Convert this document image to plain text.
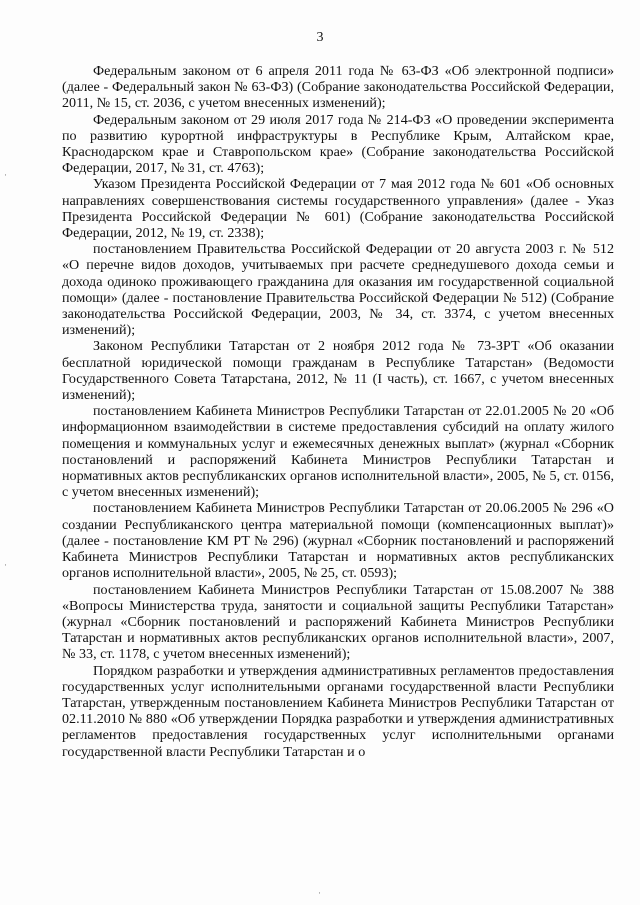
3
·
·
·

Федеральным законом от 6 апреля 2011 года № 63-ФЗ «Об электронной подписи» (далее - Федеральный закон № 63-ФЗ) (Собрание законодательства Российской Федерации, 2011, № 15, ст. 2036, с учетом внесенных изменений);

Федеральным законом от 29 июля 2017 года № 214-ФЗ «О проведении эксперимента по развитию курортной инфраструктуры в Республике Крым, Алтайском крае, Краснодарском крае и Ставропольском крае» (Собрание законодательства Российской Федерации, 2017, № 31, ст. 4763);

Указом Президента Российской Федерации от 7 мая 2012 года № 601 «Об основных направлениях совершенствования системы государственного управления» (далее - Указ Президента Российской Федерации № 601) (Собрание законодательства Российской Федерации, 2012, № 19, ст. 2338);

постановлением Правительства Российской Федерации от 20 августа 2003 г. № 512 «О перечне видов доходов, учитываемых при расчете среднедушевого дохода семьи и дохода одиноко проживающего гражданина для оказания им государственной социальной помощи» (далее - постановление Правительства Российской Федерации № 512) (Собрание законодательства Российской Федерации, 2003, № 34, ст. 3374, с учетом внесенных изменений);

Законом Республики Татарстан от 2 ноября 2012 года № 73-ЗРТ «Об оказании бесплатной юридической помощи гражданам в Республике Татарстан» (Ведомости Государственного Совета Татарстана, 2012, № 11 (I часть), ст. 1667, с учетом внесенных изменений);

постановлением Кабинета Министров Республики Татарстан от 22.01.2005 № 20 «Об информационном взаимодействии в системе предоставления субсидий на оплату жилого помещения и коммунальных услуг и ежемесячных денежных выплат» (журнал «Сборник постановлений и распоряжений Кабинета Министров Республики Татарстан и нормативных актов республиканских органов исполнительной власти», 2005, № 5, ст. 0156, с учетом внесенных изменений);

постановлением Кабинета Министров Республики Татарстан от 20.06.2005 № 296 «О создании Республиканского центра материальной помощи (компенсационных выплат)» (далее - постановление КМ РТ № 296) (журнал «Сборник постановлений и распоряжений Кабинета Министров Республики Татарстан и нормативных актов республиканских органов исполнительной власти», 2005, № 25, ст. 0593);

постановлением Кабинета Министров Республики Татарстан от 15.08.2007 № 388 «Вопросы Министерства труда, занятости и социальной защиты Республики Татарстан» (журнал «Сборник постановлений и распоряжений Кабинета Министров Республики Татарстан и нормативных актов республиканских органов исполнительной власти», 2007, № 33, ст. 1178, с учетом внесенных изменений);

Порядком разработки и утверждения административных регламентов предоставления государственных услуг исполнительными органами государственной власти Республики Татарстан, утвержденным постановлением Кабинета Министров Республики Татарстан от 02.11.2010 № 880 «Об утверждении Порядка разработки и утверждения административных регламентов предоставления государственных услуг исполнительными органами государственной власти Республики Татарстан и о
